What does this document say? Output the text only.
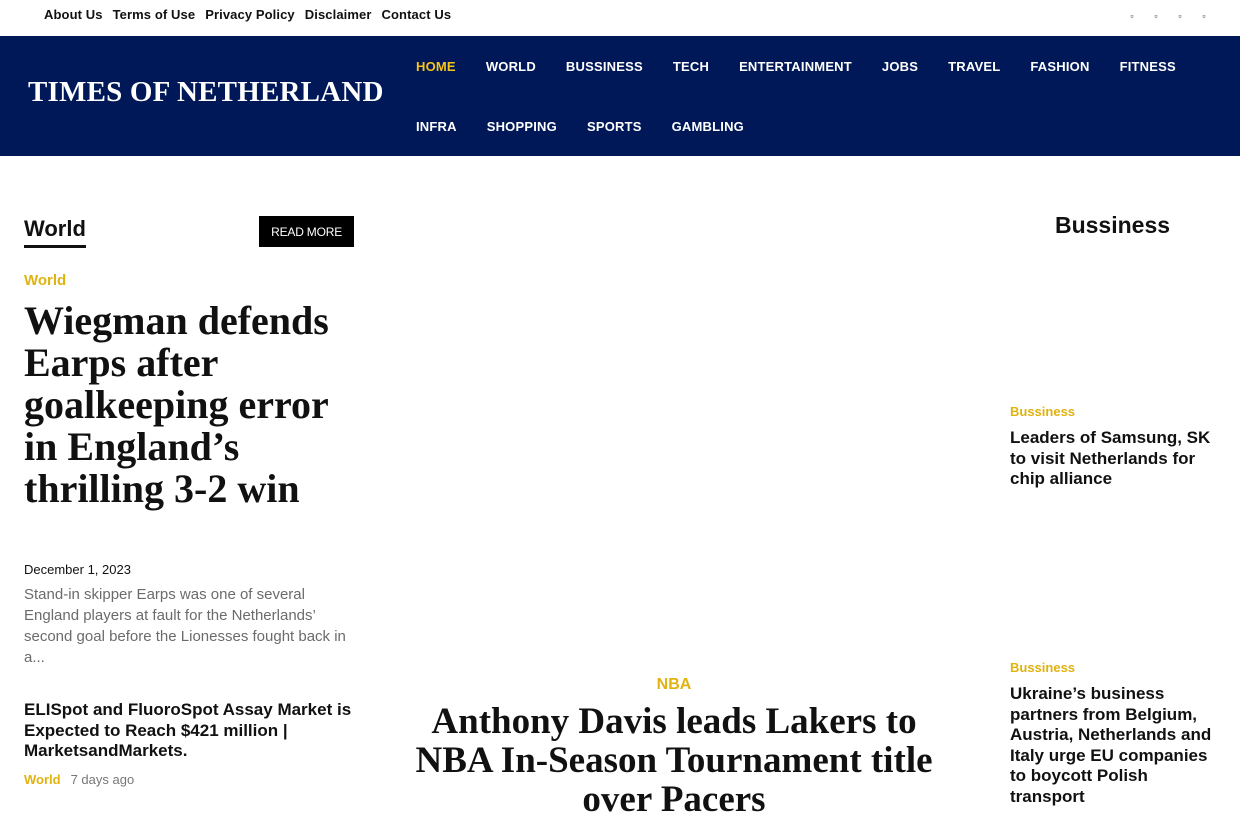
About Us Terms of Use Privacy Policy Disclaimer Contact Us	▫ ▫ ▫ ▫
TIMES OF NETHERLAND
HOME WORLD BUSSINESS TECH ENTERTAINMENT JOBS TRAVEL FASHION FITNESS
INFRA SHOPPING SPORTS GAMBLING
World	READ MORE
World
Wiegman defends Earps after goalkeeping error in England’s thrilling 3-2 win
December 1, 2023

Stand-in skipper Earps was one of several England players at fault for the Netherlands’ second goal before the Lionesses fought back in a...

ELISpot and FluoroSpot Assay Market is Expected to Reach $421 million | MarketsandMarkets.
World 7 days ago
NBA
Anthony Davis leads Lakers to NBA In-Season Tournament title over Pacers
Bussiness
Bussiness
Leaders of Samsung, SK to visit Netherlands for chip alliance
Bussiness
Ukraine’s business partners from Belgium, Austria, Netherlands and Italy urge EU companies to boycott Polish transport
